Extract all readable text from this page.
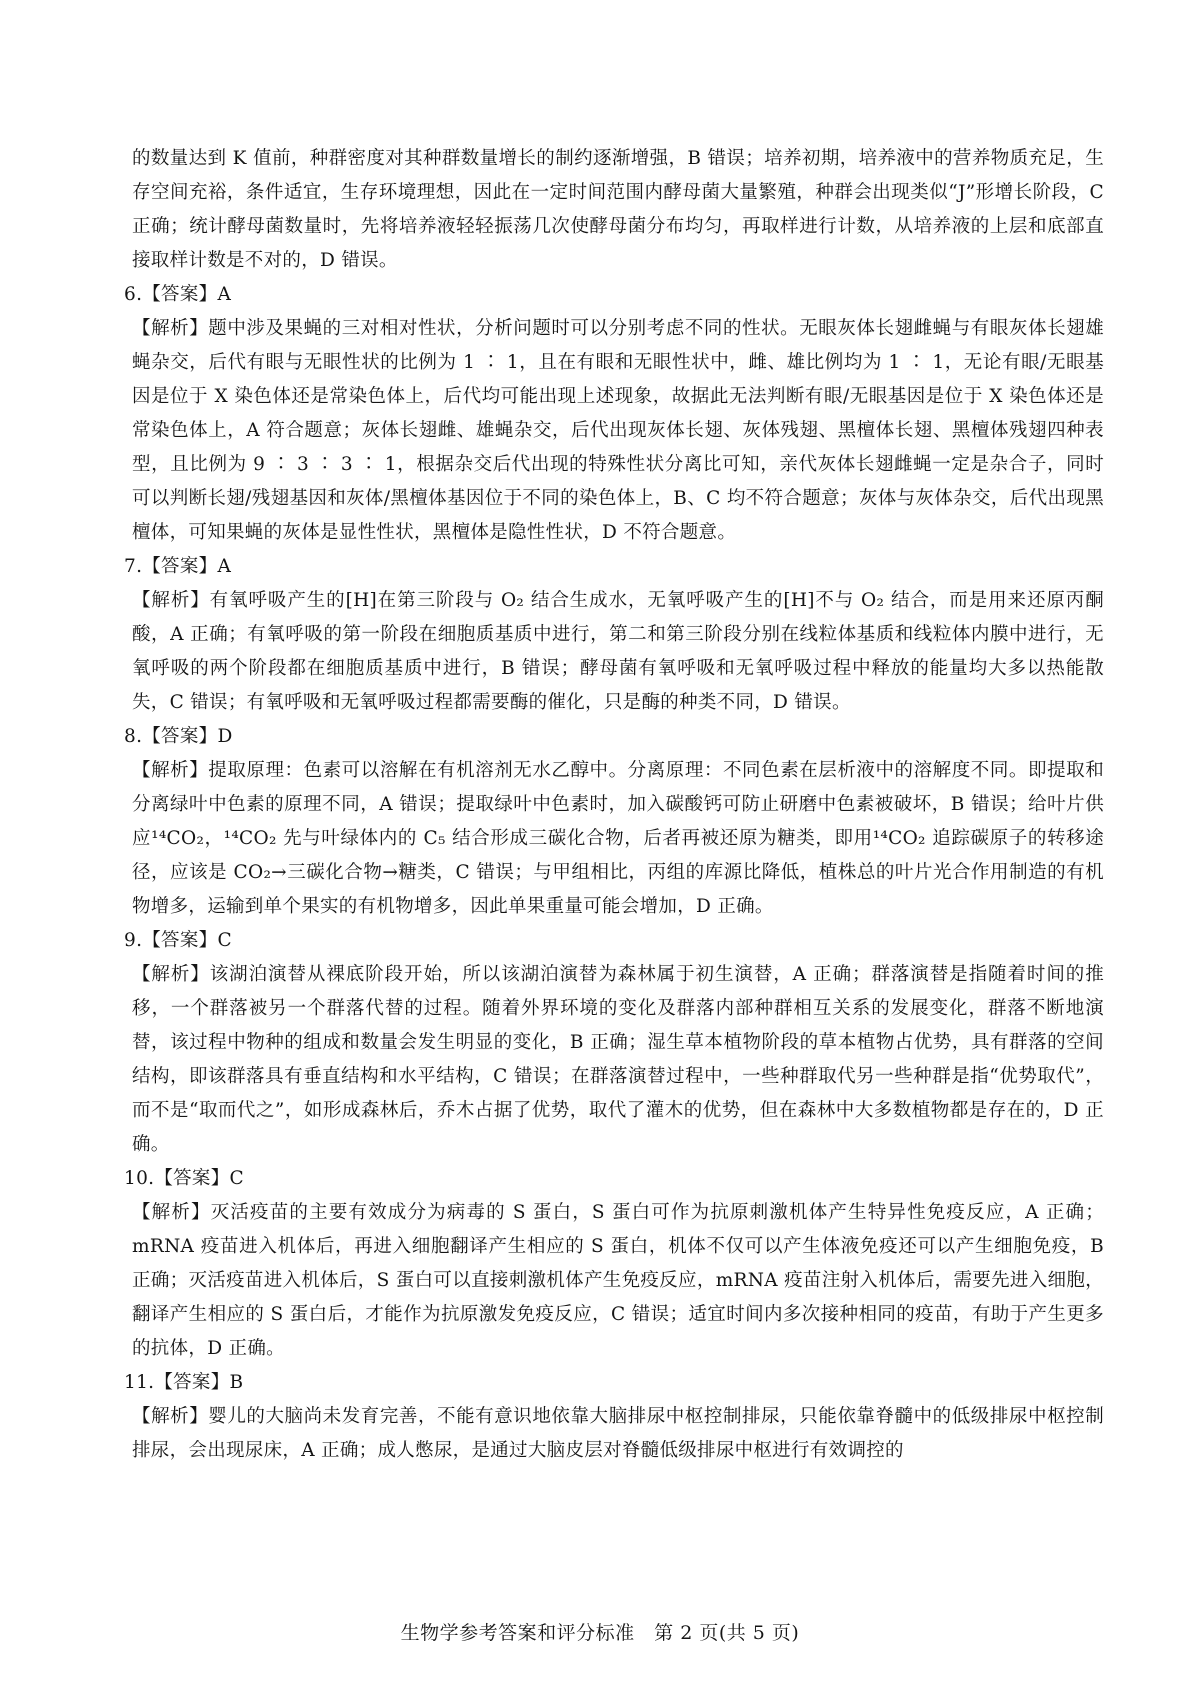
的数量达到 K 值前，种群密度对其种群数量增长的制约逐渐增强，B 错误；培养初期，培养液中的营养物质充足，生存空间充裕，条件适宜，生存环境理想，因此在一定时间范围内酵母菌大量繁殖，种群会出现类似“J”形增长阶段，C 正确；统计酵母菌数量时，先将培养液轻轻振荡几次使酵母菌分布均匀，再取样进行计数，从培养液的上层和底部直接取样计数是不对的，D 错误。

6.【答案】A

【解析】题中涉及果蝇的三对相对性状，分析问题时可以分别考虑不同的性状。无眼灰体长翅雌蝇与有眼灰体长翅雄蝇杂交，后代有眼与无眼性状的比例为 1 ∶ 1，且在有眼和无眼性状中，雌、雄比例均为 1 ∶ 1，无论有眼/无眼基因是位于 X 染色体还是常染色体上，后代均可能出现上述现象，故据此无法判断有眼/无眼基因是位于 X 染色体还是常染色体上，A 符合题意；灰体长翅雌、雄蝇杂交，后代出现灰体长翅、灰体残翅、黑檀体长翅、黑檀体残翅四种表型，且比例为 9 ∶ 3 ∶ 3 ∶ 1，根据杂交后代出现的特殊性状分离比可知，亲代灰体长翅雌蝇一定是杂合子，同时可以判断长翅/残翅基因和灰体/黑檀体基因位于不同的染色体上，B、C 均不符合题意；灰体与灰体杂交，后代出现黑檀体，可知果蝇的灰体是显性性状，黑檀体是隐性性状，D 不符合题意。

7.【答案】A

【解析】有氧呼吸产生的[H]在第三阶段与 O₂ 结合生成水，无氧呼吸产生的[H]不与 O₂ 结合，而是用来还原丙酮酸，A 正确；有氧呼吸的第一阶段在细胞质基质中进行，第二和第三阶段分别在线粒体基质和线粒体内膜中进行，无氧呼吸的两个阶段都在细胞质基质中进行，B 错误；酵母菌有氧呼吸和无氧呼吸过程中释放的能量均大多以热能散失，C 错误；有氧呼吸和无氧呼吸过程都需要酶的催化，只是酶的种类不同，D 错误。

8.【答案】D

【解析】提取原理：色素可以溶解在有机溶剂无水乙醇中。分离原理：不同色素在层析液中的溶解度不同。即提取和分离绿叶中色素的原理不同，A 错误；提取绿叶中色素时，加入碳酸钙可防止研磨中色素被破坏，B 错误；给叶片供应¹⁴CO₂，¹⁴CO₂ 先与叶绿体内的 C₅ 结合形成三碳化合物，后者再被还原为糖类，即用¹⁴CO₂ 追踪碳原子的转移途径，应该是 CO₂→三碳化合物→糖类，C 错误；与甲组相比，丙组的库源比降低，植株总的叶片光合作用制造的有机物增多，运输到单个果实的有机物增多，因此单果重量可能会增加，D 正确。

9.【答案】C

【解析】该湖泊演替从裸底阶段开始，所以该湖泊演替为森林属于初生演替，A 正确；群落演替是指随着时间的推移，一个群落被另一个群落代替的过程。随着外界环境的变化及群落内部种群相互关系的发展变化，群落不断地演替，该过程中物种的组成和数量会发生明显的变化，B 正确；湿生草本植物阶段的草本植物占优势，具有群落的空间结构，即该群落具有垂直结构和水平结构，C 错误；在群落演替过程中，一些种群取代另一些种群是指“优势取代”，而不是“取而代之”，如形成森林后，乔木占据了优势，取代了灌木的优势，但在森林中大多数植物都是存在的，D 正确。

10.【答案】C

【解析】灭活疫苗的主要有效成分为病毒的 S 蛋白，S 蛋白可作为抗原刺激机体产生特异性免疫反应，A 正确；mRNA 疫苗进入机体后，再进入细胞翻译产生相应的 S 蛋白，机体不仅可以产生体液免疫还可以产生细胞免疫，B 正确；灭活疫苗进入机体后，S 蛋白可以直接刺激机体产生免疫反应，mRNA 疫苗注射入机体后，需要先进入细胞，翻译产生相应的 S 蛋白后，才能作为抗原激发免疫反应，C 错误；适宜时间内多次接种相同的疫苗，有助于产生更多的抗体，D 正确。

11.【答案】B

【解析】婴儿的大脑尚未发育完善，不能有意识地依靠大脑排尿中枢控制排尿，只能依靠脊髓中的低级排尿中枢控制排尿，会出现尿床，A 正确；成人憋尿，是通过大脑皮层对脊髓低级排尿中枢进行有效调控的

生物学参考答案和评分标准　第 2 页(共 5 页)
